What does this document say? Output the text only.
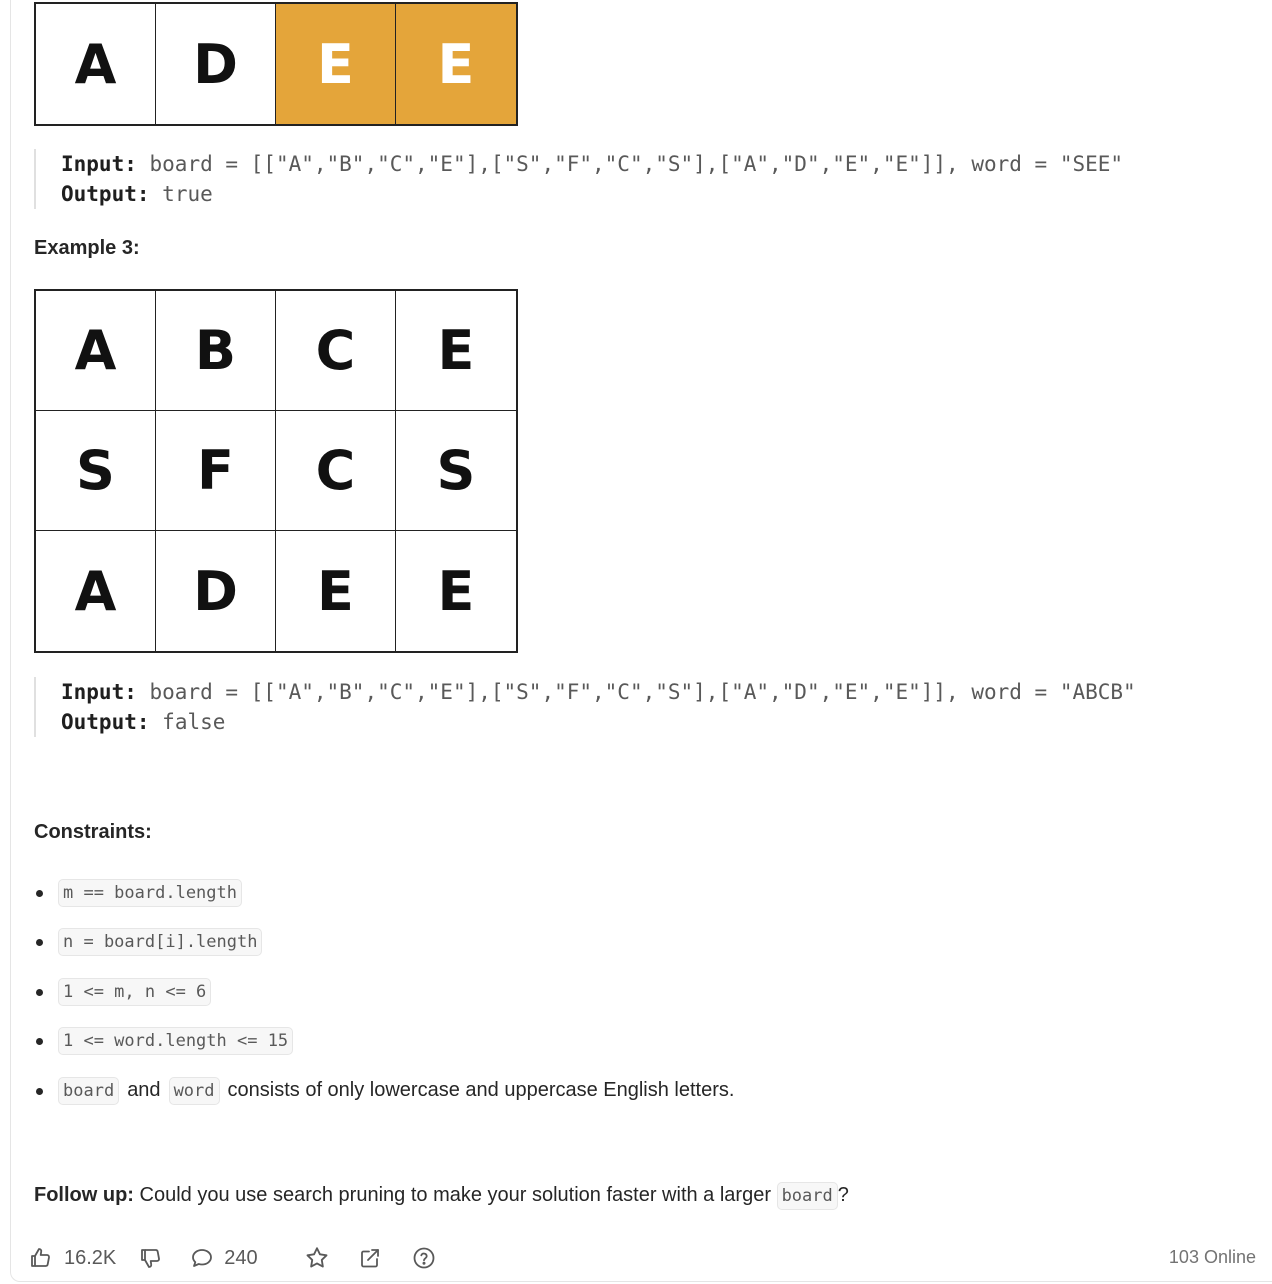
A	D	E	E
Input: board = [["A","B","C","E"],["S","F","C","S"],["A","D","E","E"]], word = "SEE"
Output: true
Example 3:
A	B	C	E
S	F	C	S
A	D	E	E
Input: board = [["A","B","C","E"],["S","F","C","S"],["A","D","E","E"]], word = "ABCB"
Output: false
Constraints:
m == board.length
n = board[i].length
1 <= m, n <= 6
1 <= word.length <= 15
board and word consists of only lowercase and uppercase English letters.
Follow up: Could you use search pruning to make your solution faster with a larger board ?
16.2K	240	103 Online
